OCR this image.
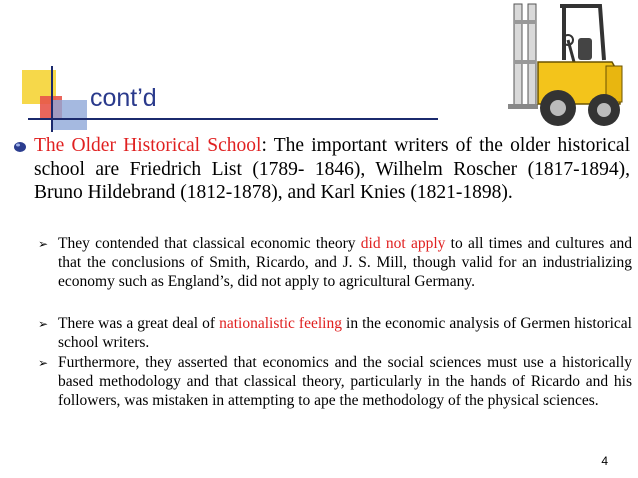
cont’d
The Older Historical School: The important writers of the older historical school are Friedrich List (1789- 1846), Wilhelm Roscher (1817-1894), Bruno Hildebrand (1812-1878), and Karl Knies (1821-1898).
➢ They contended that classical economic theory did not apply to all times and cultures and that the conclusions of Smith, Ricardo, and J. S. Mill, though valid for an industrializing economy such as England’s, did not apply to agricultural Germany.
➢ There was a great deal of nationalistic feeling in the economic analysis of Germen historical school writers.
➢ Furthermore, they asserted that economics and the social sciences must use a historically based methodology and that classical theory, particularly in the hands of Ricardo and his followers, was mistaken in attempting to ape the methodology of the physical sciences.
4
